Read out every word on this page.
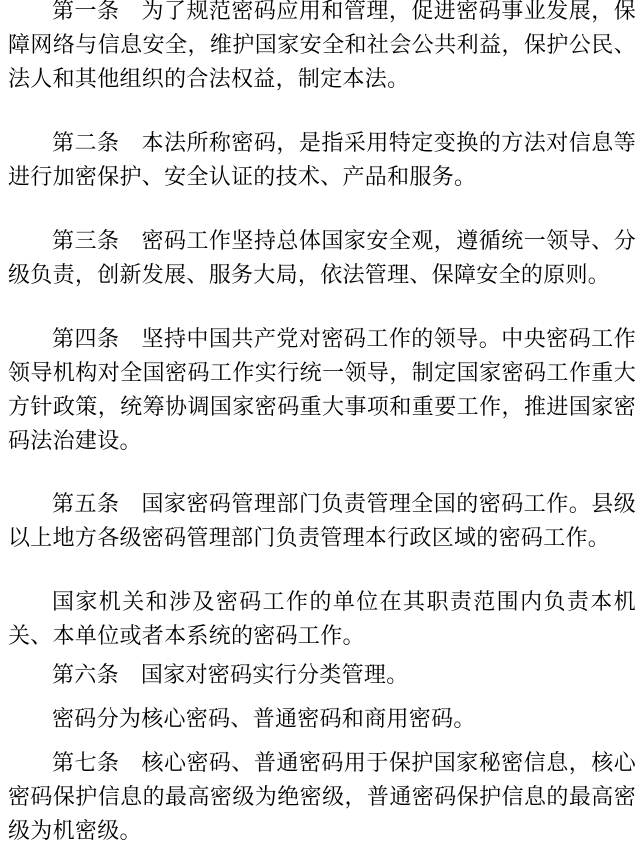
第一条 为了规范密码应用和管理，促进密码事业发展，保障网络与信息安全，维护国家安全和社会公共利益，保护公民、法人和其他组织的合法权益，制定本法。

第二条 本法所称密码，是指采用特定变换的方法对信息等进行加密保护、安全认证的技术、产品和服务。

第三条 密码工作坚持总体国家安全观，遵循统一领导、分级负责，创新发展、服务大局，依法管理、保障安全的原则。

第四条 坚持中国共产党对密码工作的领导。中央密码工作领导机构对全国密码工作实行统一领导，制定国家密码工作重大方针政策，统筹协调国家密码重大事项和重要工作，推进国家密码法治建设。

第五条 国家密码管理部门负责管理全国的密码工作。县级以上地方各级密码管理部门负责管理本行政区域的密码工作。

国家机关和涉及密码工作的单位在其职责范围内负责本机关、本单位或者本系统的密码工作。

第六条 国家对密码实行分类管理。

密码分为核心密码、普通密码和商用密码。

第七条 核心密码、普通密码用于保护国家秘密信息，核心密码保护信息的最高密级为绝密级，普通密码保护信息的最高密级为机密级。
